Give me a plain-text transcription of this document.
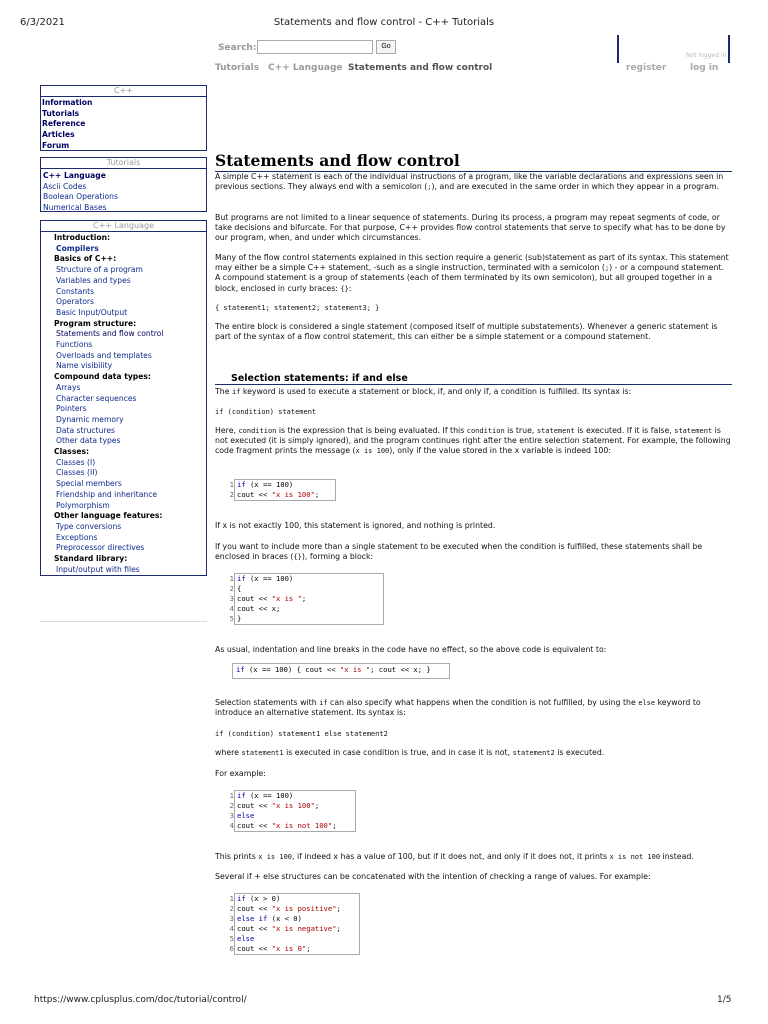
6/3/2021	Statements and flow control - C++ Tutorials
Search:	Go
Not logged in
Tutorials C++ Language Statements and flow control	register	log in
C++
Information
Tutorials
Reference
Articles
Forum
Tutorials
C++ Language
Ascii Codes
Boolean Operations
Numerical Bases
C++ Language
Introduction:
Compilers
Basics of C++:
Structure of a program
Variables and types
Constants
Operators
Basic Input/Output
Program structure:
Statements and flow control
Functions
Overloads and templates
Name visibility
Compound data types:
Arrays
Character sequences
Pointers
Dynamic memory
Data structures
Other data types
Classes:
Classes (I)
Classes (II)
Special members
Friendship and inheritance
Polymorphism
Other language features:
Type conversions
Exceptions
Preprocessor directives
Standard library:
Input/output with files
Statements and flow control

A simple C++ statement is each of the individual instructions of a program, like the variable declarations and expressions seen in previous sections. They always end with a semicolon (;), and are executed in the same order in which they appear in a program.

But programs are not limited to a linear sequence of statements. During its process, a program may repeat segments of code, or take decisions and bifurcate. For that purpose, C++ provides flow control statements that serve to specify what has to be done by our program, when, and under which circumstances.

Many of the flow control statements explained in this section require a generic (sub)statement as part of its syntax. This statement may either be a simple C++ statement, -such as a single instruction, terminated with a semicolon (;) - or a compound statement. A compound statement is a group of statements (each of them terminated by its own semicolon), but all grouped together in a block, enclosed in curly braces: {}:

{ statement1; statement2; statement3; }

The entire block is considered a single statement (composed itself of multiple substatements). Whenever a generic statement is part of the syntax of a flow control statement, this can either be a simple statement or a compound statement.

Selection statements: if and else

The if keyword is used to execute a statement or block, if, and only if, a condition is fulfilled. Its syntax is:

if (condition) statement

Here, condition is the expression that is being evaluated. If this condition is true, statement is executed. If it is false, statement is not executed (it is simply ignored), and the program continues right after the entire selection statement. For example, the following code fragment prints the message (x is 100), only if the value stored in the x variable is indeed 100:

1 if (x == 100)
2cout << "x is 100";

If x is not exactly 100, this statement is ignored, and nothing is printed.

If you want to include more than a single statement to be executed when the condition is fulfilled, these statements shall be enclosed in braces ({}), forming a block:

1 if (x == 100)
2 {
3cout << "x is ";
4cout << x;
5 }

As usual, indentation and line breaks in the code have no effect, so the above code is equivalent to:

if (x == 100) { cout << "x is "; cout << x; }

Selection statements with if can also specify what happens when the condition is not fulfilled, by using the else keyword to introduce an alternative statement. Its syntax is:

if (condition) statement1 else statement2

where statement1 is executed in case condition is true, and in case it is not, statement2 is executed.

For example:

1 if (x == 100)
2cout << "x is 100";
3 else
4cout << "x is not 100";

This prints x is 100, if indeed x has a value of 100, but if it does not, and only if it does not, it prints x is not 100 instead.

Several if + else structures can be concatenated with the intention of checking a range of values. For example:

1 if (x > 0)
2cout << "x is positive";
3 else if (x < 0)
4cout << "x is negative";
5 else
6cout << "x is 0";
https://www.cplusplus.com/doc/tutorial/control/	1/5
